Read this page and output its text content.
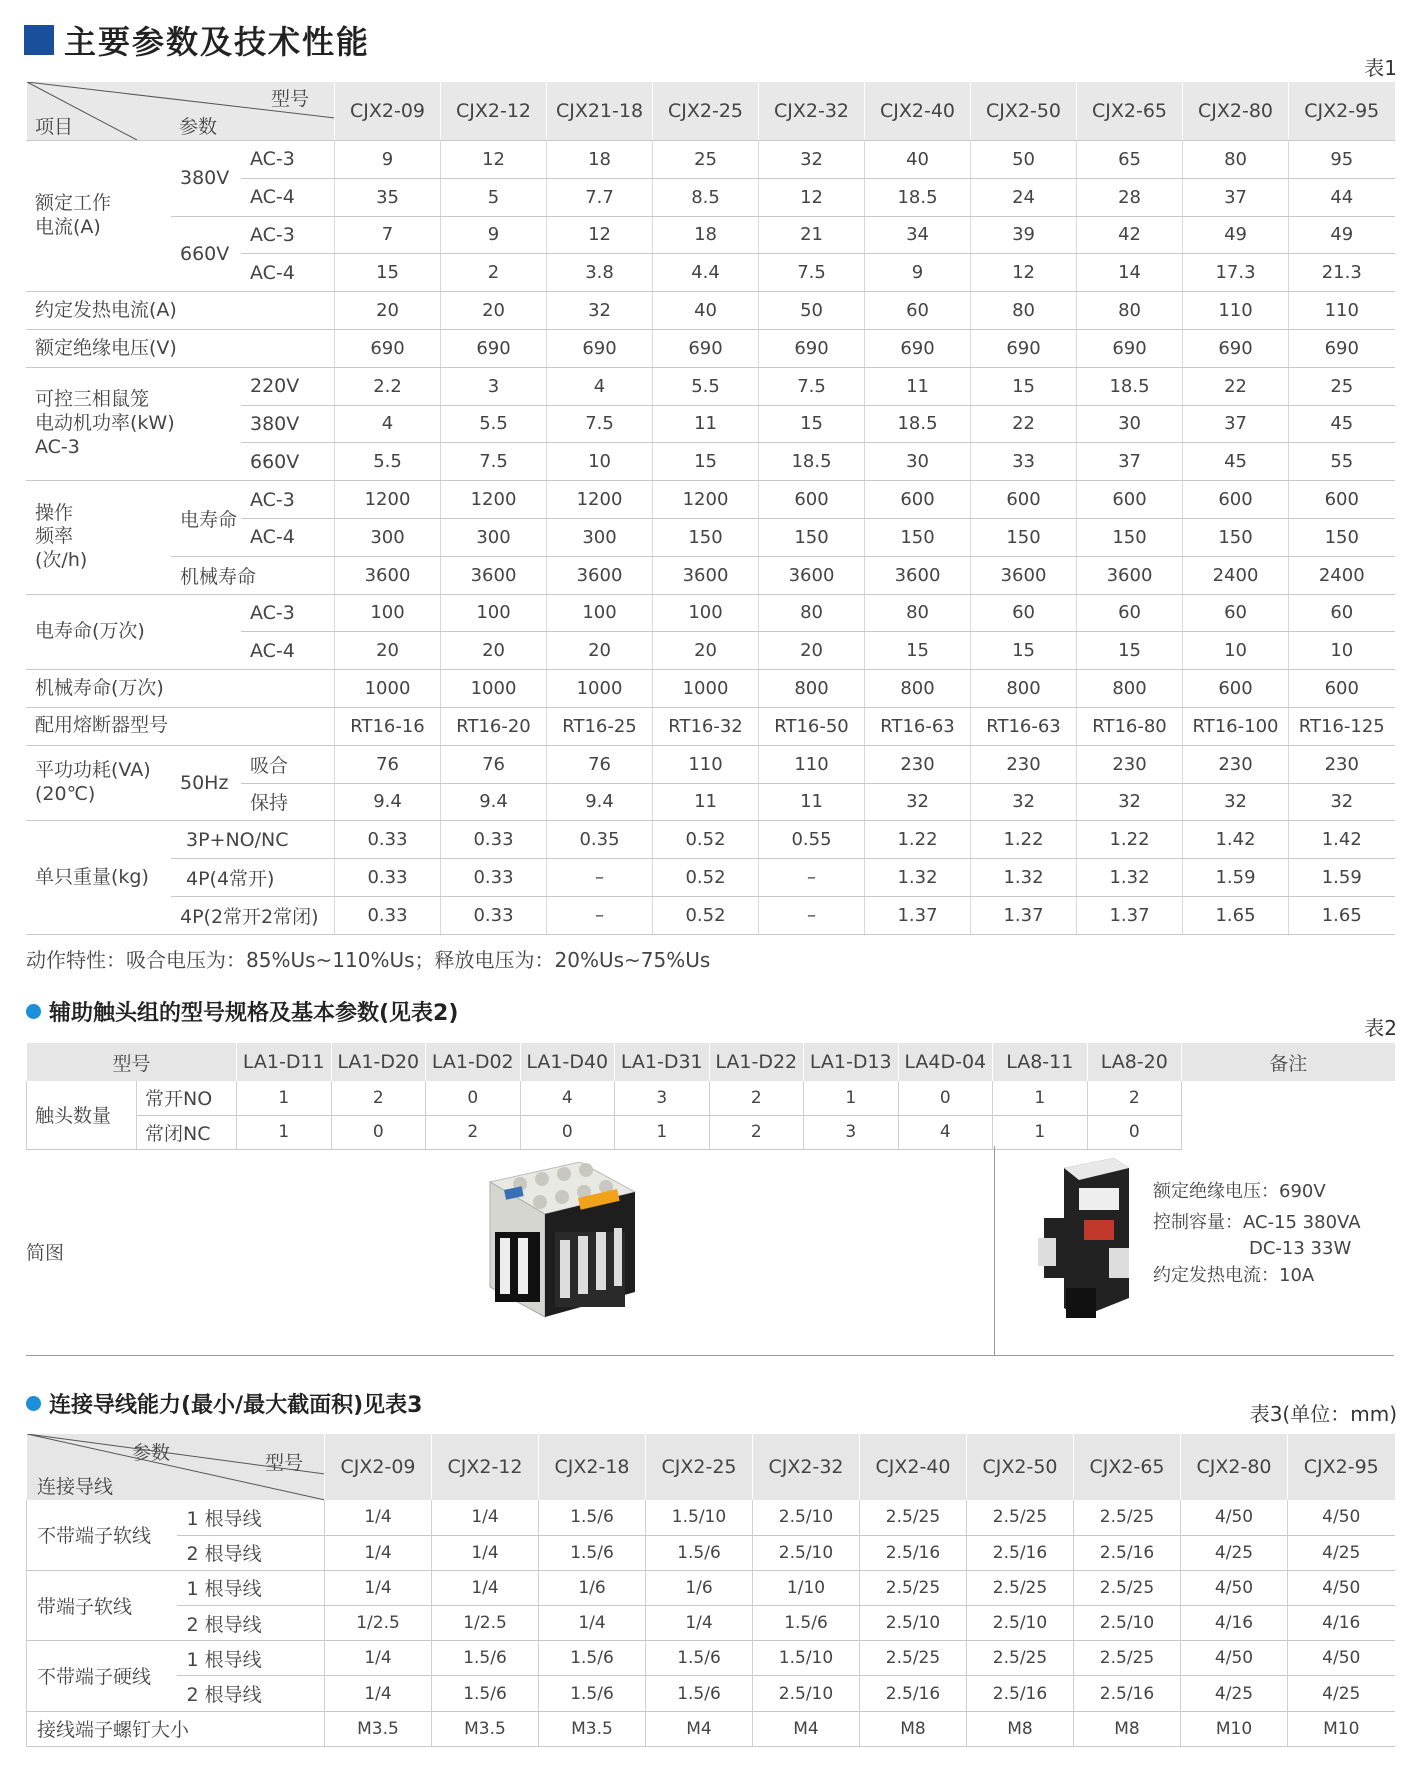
主要参数及技术性能
表1
型号
项目 参数			CJX2-09	CJX2-12	CJX21-18	CJX2-25	CJX2-32	CJX2-40	CJX2-50	CJX2-65	CJX2-80	CJX2-95
额定工作
电流(A)	380V	AC-3	9	12	18	25	32	40	50	65	80	95
		AC-4	35	5	7.7	8.5	12	18.5	24	28	37	44
	660V	AC-3	7	9	12	18	21	34	39	42	49	49
		AC-4	15	2	3.8	4.4	7.5	9	12	14	17.3	21.3
约定发热电流(A)			20	20	32	40	50	60	80	80	110	110
额定绝缘电压(V)			690	690	690	690	690	690	690	690	690	690
可控三相鼠笼
电动机功率(kW)
AC-3		220V	2.2	3	4	5.5	7.5	11	15	18.5	22	25
		380V	4	5.5	7.5	11	15	18.5	22	30	37	45
		660V	5.5	7.5	10	15	18.5	30	33	37	45	55
操作
频率
(次/h)	电寿命	AC-3	1200	1200	1200	1200	600	600	600	600	600	600
		AC-4	300	300	300	150	150	150	150	150	150	150
	机械寿命		3600	3600	3600	3600	3600	3600	3600	3600	2400	2400
电寿命(万次)		AC-3	100	100	100	100	80	80	60	60	60	60
		AC-4	20	20	20	20	20	15	15	15	10	10
机械寿命(万次)			1000	1000	1000	1000	800	800	800	800	600	600
配用熔断器型号			RT16-16	RT16-20	RT16-25	RT16-32	RT16-50	RT16-63	RT16-63	RT16-80	RT16-100	RT16-125
平功功耗(VA)
(20℃)	50Hz	吸合	76	76	76	110	110	230	230	230	230	230
		保持	9.4	9.4	9.4	11	11	32	32	32	32	32
单只重量(kg)	3P+NO/NC		0.33	0.33	0.35	0.52	0.55	1.22	1.22	1.22	1.42	1.42
	4P(4常开)		0.33	0.33	–	0.52	–	1.32	1.32	1.32	1.59	1.59
	4P(2常开2常闭)		0.33	0.33	–	0.52	–	1.37	1.37	1.37	1.65	1.65
动作特性：吸合电压为：85%Us~110%Us；释放电压为：20%Us~75%Us
辅助触头组的型号规格及基本参数(见表2)
表2
型号		LA1-D11	LA1-D20	LA1-D02	LA1-D40	LA1-D31	LA1-D22	LA1-D13	LA4D-04	LA8-11	LA8-20	备注
触头数量	常开NO	1	2	0	4	3	2	1	0	1	2	
	常闭NC	1	0	2	0	1	2	3	4	1	0	
简图
额定绝缘电压：690V
控制容量：AC-15 380VA
DC-13 33W
约定发热电流：10A
连接导线能力(最小/最大截面积)见表3	表3(单位：mm)
参数 型号
连接导线		CJX2-09	CJX2-12	CJX2-18	CJX2-25	CJX2-32	CJX2-40	CJX2-50	CJX2-65	CJX2-80	CJX2-95
不带端子软线	1 根导线	1/4	1/4	1.5/6	1.5/10	2.5/10	2.5/25	2.5/25	2.5/25	4/50	4/50
	2 根导线	1/4	1/4	1.5/6	1.5/6	2.5/10	2.5/16	2.5/16	2.5/16	4/25	4/25
带端子软线	1 根导线	1/4	1/4	1/6	1/6	1/10	2.5/25	2.5/25	2.5/25	4/50	4/50
	2 根导线	1/2.5	1/2.5	1/4	1/4	1.5/6	2.5/10	2.5/10	2.5/10	4/16	4/16
不带端子硬线	1 根导线	1/4	1.5/6	1.5/6	1.5/6	1.5/10	2.5/25	2.5/25	2.5/25	4/50	4/50
	2 根导线	1/4	1.5/6	1.5/6	1.5/6	2.5/10	2.5/16	2.5/16	2.5/16	4/25	4/25
接线端子螺钉大小		M3.5	M3.5	M3.5	M4	M4	M8	M8	M8	M10	M10
